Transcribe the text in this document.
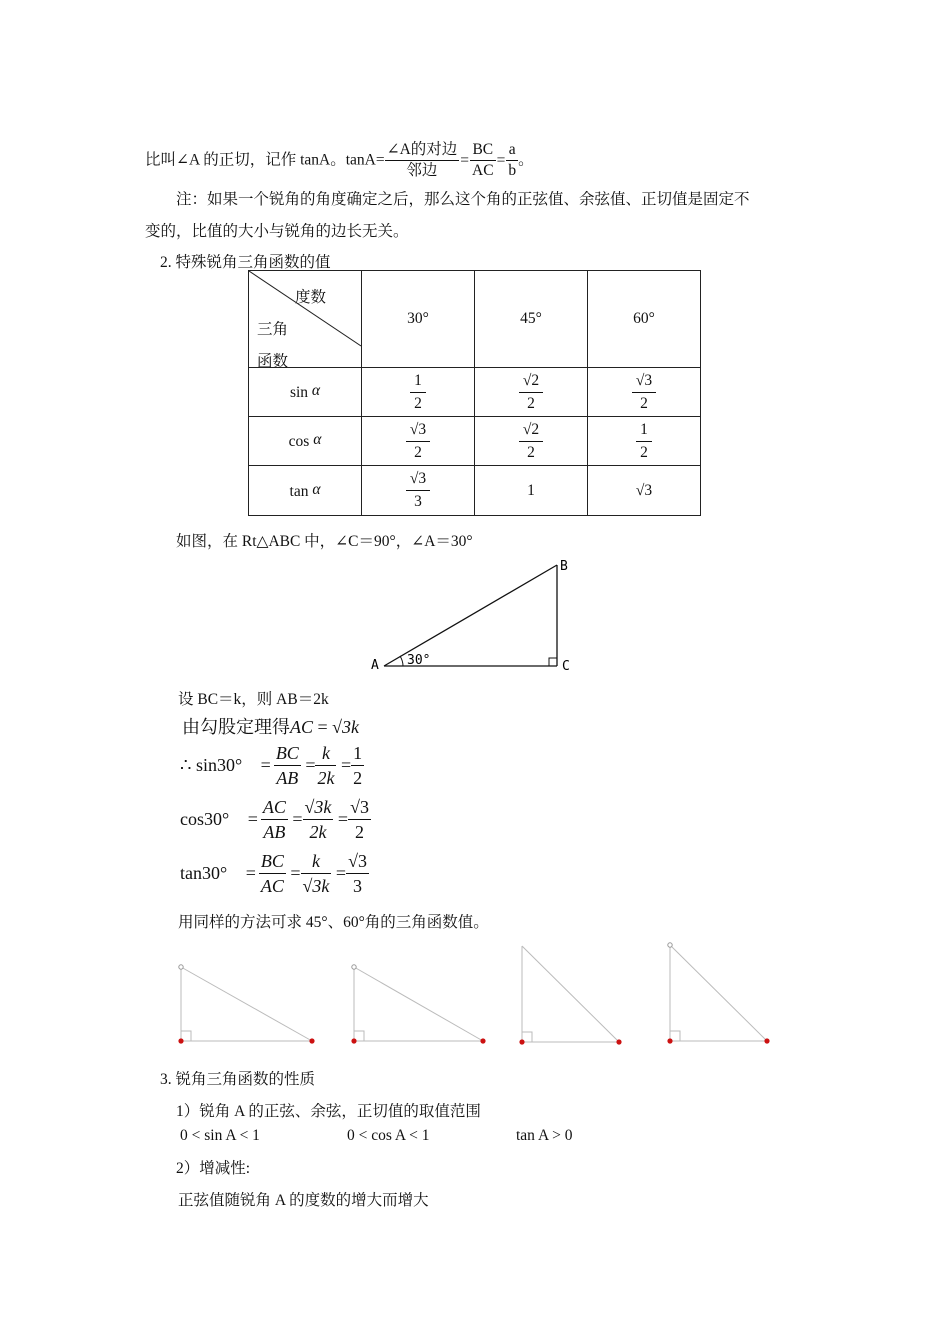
比叫∠A 的正切，记作 tanA。$\tan A= \frac{\text{∠A的对边}}{\text{邻边}} = \frac{BC}{AC} = \frac{a}{b}$ 。
注：如果一个锐角的角度确定之后，那么这个角的正弦值、余弦值、正切值是固定不
变的，比值的大小与锐角的边长无关。
2. 特殊锐角三角函数的值
度数
三角
函数	30°	45°	60°
sin α	$\frac{1}{2}$	$\frac{√2}{2}$	$\frac{√3}{2}$

cos α	$\frac{√3}{2}$	$\frac{√2}{2}$	$\frac{1}{2}$

tan α	$\frac{√3}{3}$	1	√3
如图，在 Rt△ABC 中，∠C＝90°，∠A＝30°
A
B
C
30°
设 BC＝k，则 AB＝2k
由勾股定理得AC = √3k
∴ $\sin 30^\circ = \frac{BC}{AB} = \frac{k}{2k} = \frac{1}{2}$
$\cos 30^\circ = \frac{AC}{AB} = \frac{√3k}{2k} = \frac{√3}{2}$
$\tan 30^\circ = \frac{BC}{AC} = \frac{k}{√3k} = \frac{√3}{3}$
用同样的方法可求 45°、60°角的三角函数值。
3. 锐角三角函数的性质
1）锐角 A 的正弦、余弦，正切值的取值范围
0 < sin A < 1	0 < cos A < 1	tan A > 0
2）增减性:
正弦值随锐角 A 的度数的增大而增大
